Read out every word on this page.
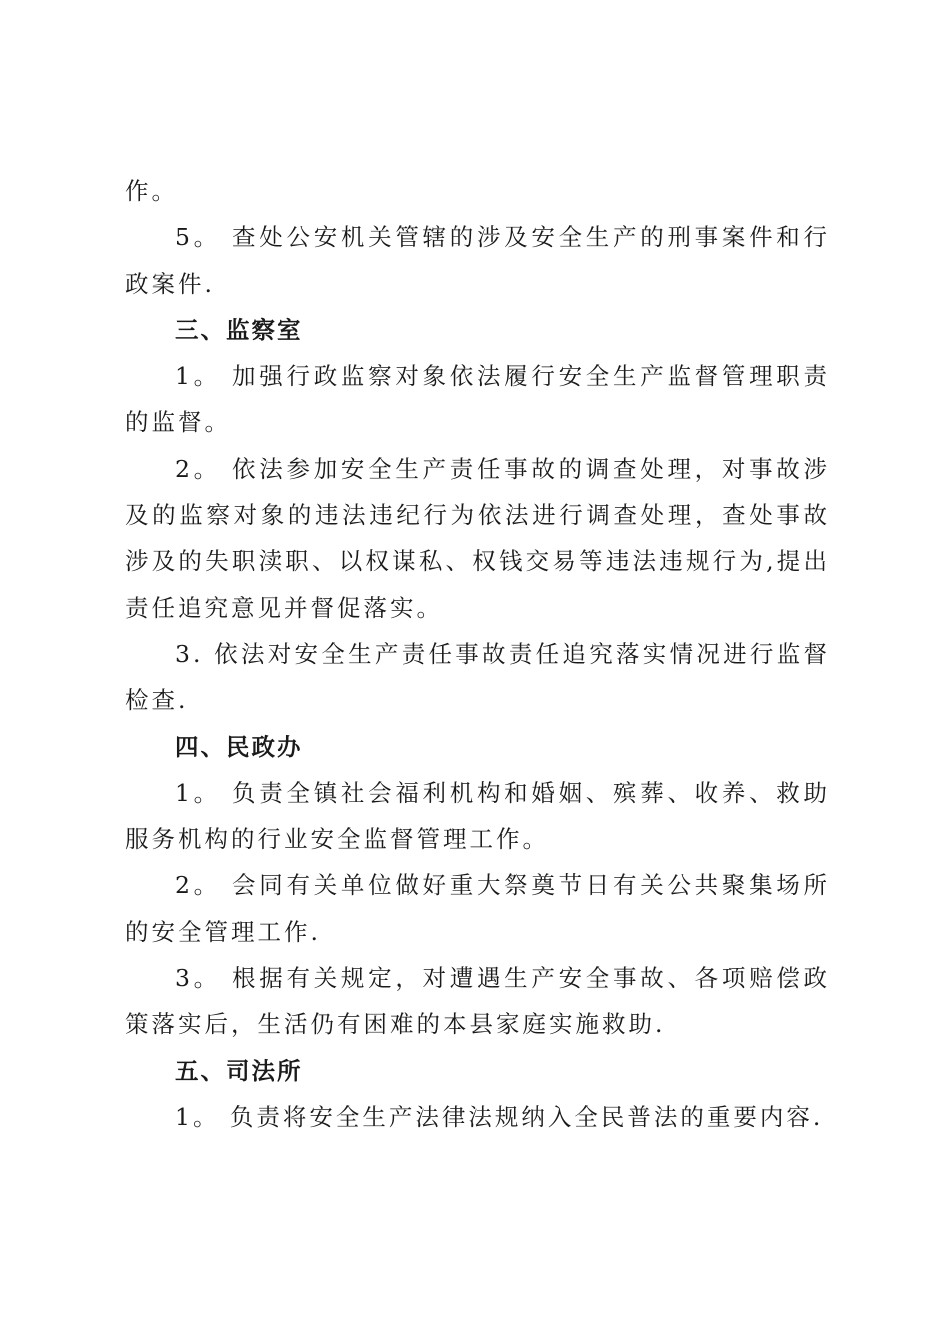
作。

5。 查处公安机关管辖的涉及安全生产的刑事案件和行政案件.

三、监察室

1。 加强行政监察对象依法履行安全生产监督管理职责的监督。

2。 依法参加安全生产责任事故的调查处理，对事故涉及的监察对象的违法违纪行为依法进行调查处理，查处事故涉及的失职渎职、以权谋私、权钱交易等违法违规行为,提出责任追究意见并督促落实。

3. 依法对安全生产责任事故责任追究落实情况进行监督检查.

四、民政办

1。 负责全镇社会福利机构和婚姻、殡葬、收养、救助服务机构的行业安全监督管理工作。

2。 会同有关单位做好重大祭奠节日有关公共聚集场所的安全管理工作.

3。 根据有关规定，对遭遇生产安全事故、各项赔偿政策落实后，生活仍有困难的本县家庭实施救助.

五、司法所

1。 负责将安全生产法律法规纳入全民普法的重要内容.
